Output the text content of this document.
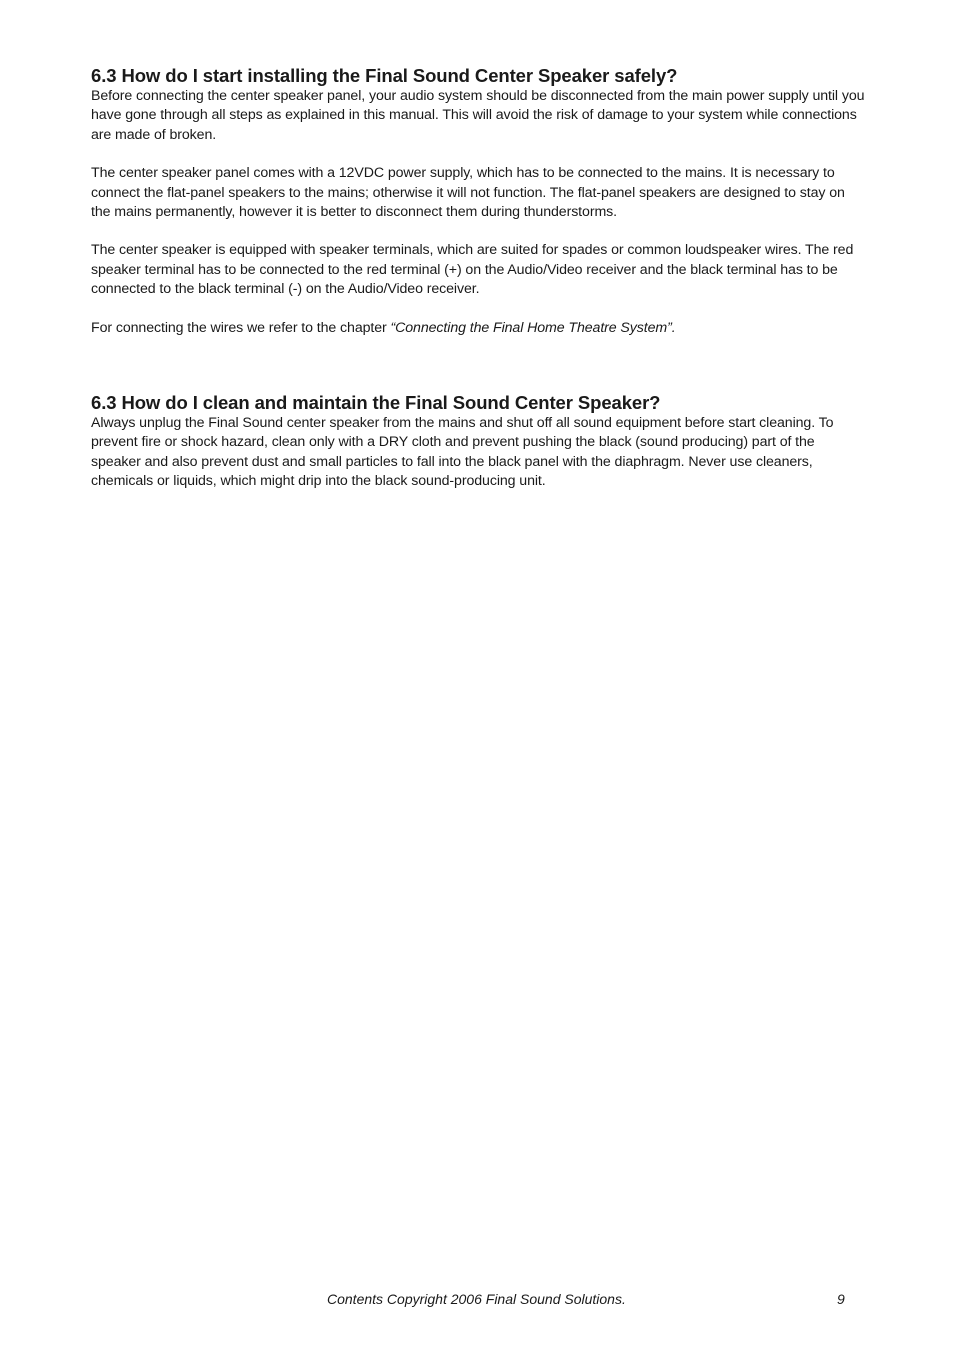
6.3 How do I start installing the Final Sound Center Speaker safely?

Before connecting the center speaker panel, your audio system should be disconnected from the main power supply until you have gone through all steps as explained in this manual. This will avoid the risk of damage to your system while connections are made of broken.

The center speaker panel comes with a 12VDC power supply, which has to be connected to the mains. It is necessary to connect the flat-panel speakers to the mains; otherwise it will not function. The flat-panel speakers are designed to stay on the mains permanently, however it is better to disconnect them during thunderstorms.

The center speaker is equipped with speaker terminals, which are suited for spades or common loudspeaker wires. The red speaker terminal has to be connected to the red terminal (+) on the Audio/Video receiver and the black terminal has to be connected to the black terminal (-) on the Audio/Video receiver.

For connecting the wires we refer to the chapter “Connecting the Final Home Theatre System”.

6.3 How do I clean and maintain the Final Sound Center Speaker?

Always unplug the Final Sound center speaker from the mains and shut off all sound equipment before start cleaning. To prevent fire or shock hazard, clean only with a DRY cloth and prevent pushing the black (sound producing) part of the speaker and also prevent dust and small particles to fall into the black panel with the diaphragm. Never use cleaners, chemicals or liquids, which might drip into the black sound-producing unit.

Contents Copyright 2006 Final Sound Solutions.	9
